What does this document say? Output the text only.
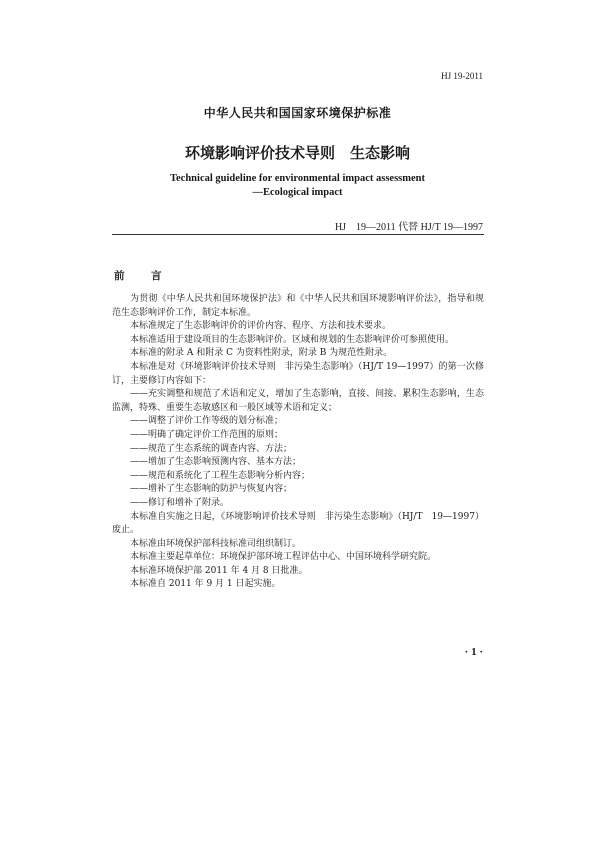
HJ 19-2011
中华人民共和国国家环境保护标准
环境影响评价技术导则　生态影响
Technical guideline for environmental impact assessment
—Ecological impact
HJ　19—2011 代替 HJ/T 19—1997
前　言

为贯彻《中华人民共和国环境保护法》和《中华人民共和国环境影响评价法》，指导和规范生态影响评价工作，制定本标准。

本标准规定了生态影响评价的评价内容、程序、方法和技术要求。

本标准适用于建设项目的生态影响评价。区域和规划的生态影响评价可参照使用。

本标准的附录 A 和附录 C 为资料性附录，附录 B 为规范性附录。

本标准是对《环境影响评价技术导则　非污染生态影响》（HJ/T 19—1997）的第一次修订，主要修订内容如下：

——充实调整和规范了术语和定义，增加了生态影响，直接、间接、累积生态影响，生态监测，特殊、重要生态敏感区和一般区域等术语和定义；

——调整了评价工作等级的划分标准；

——明确了确定评价工作范围的原则；

——规范了生态系统的调查内容、方法；

——增加了生态影响预测内容、基本方法；

——规范和系统化了工程生态影响分析内容；

——增补了生态影响的防护与恢复内容；

——修订和增补了附录。

本标准自实施之日起，《环境影响评价技术导则　非污染生态影响》（HJ/T　19—1997）废止。

本标准由环境保护部科技标准司组织制订。

本标准主要起草单位：环境保护部环境工程评估中心、中国环境科学研究院。

本标准环境保护部 2011 年 4 月 8 日批准。

本标准自 2011 年 9 月 1 日起实施。

· 1 ·
